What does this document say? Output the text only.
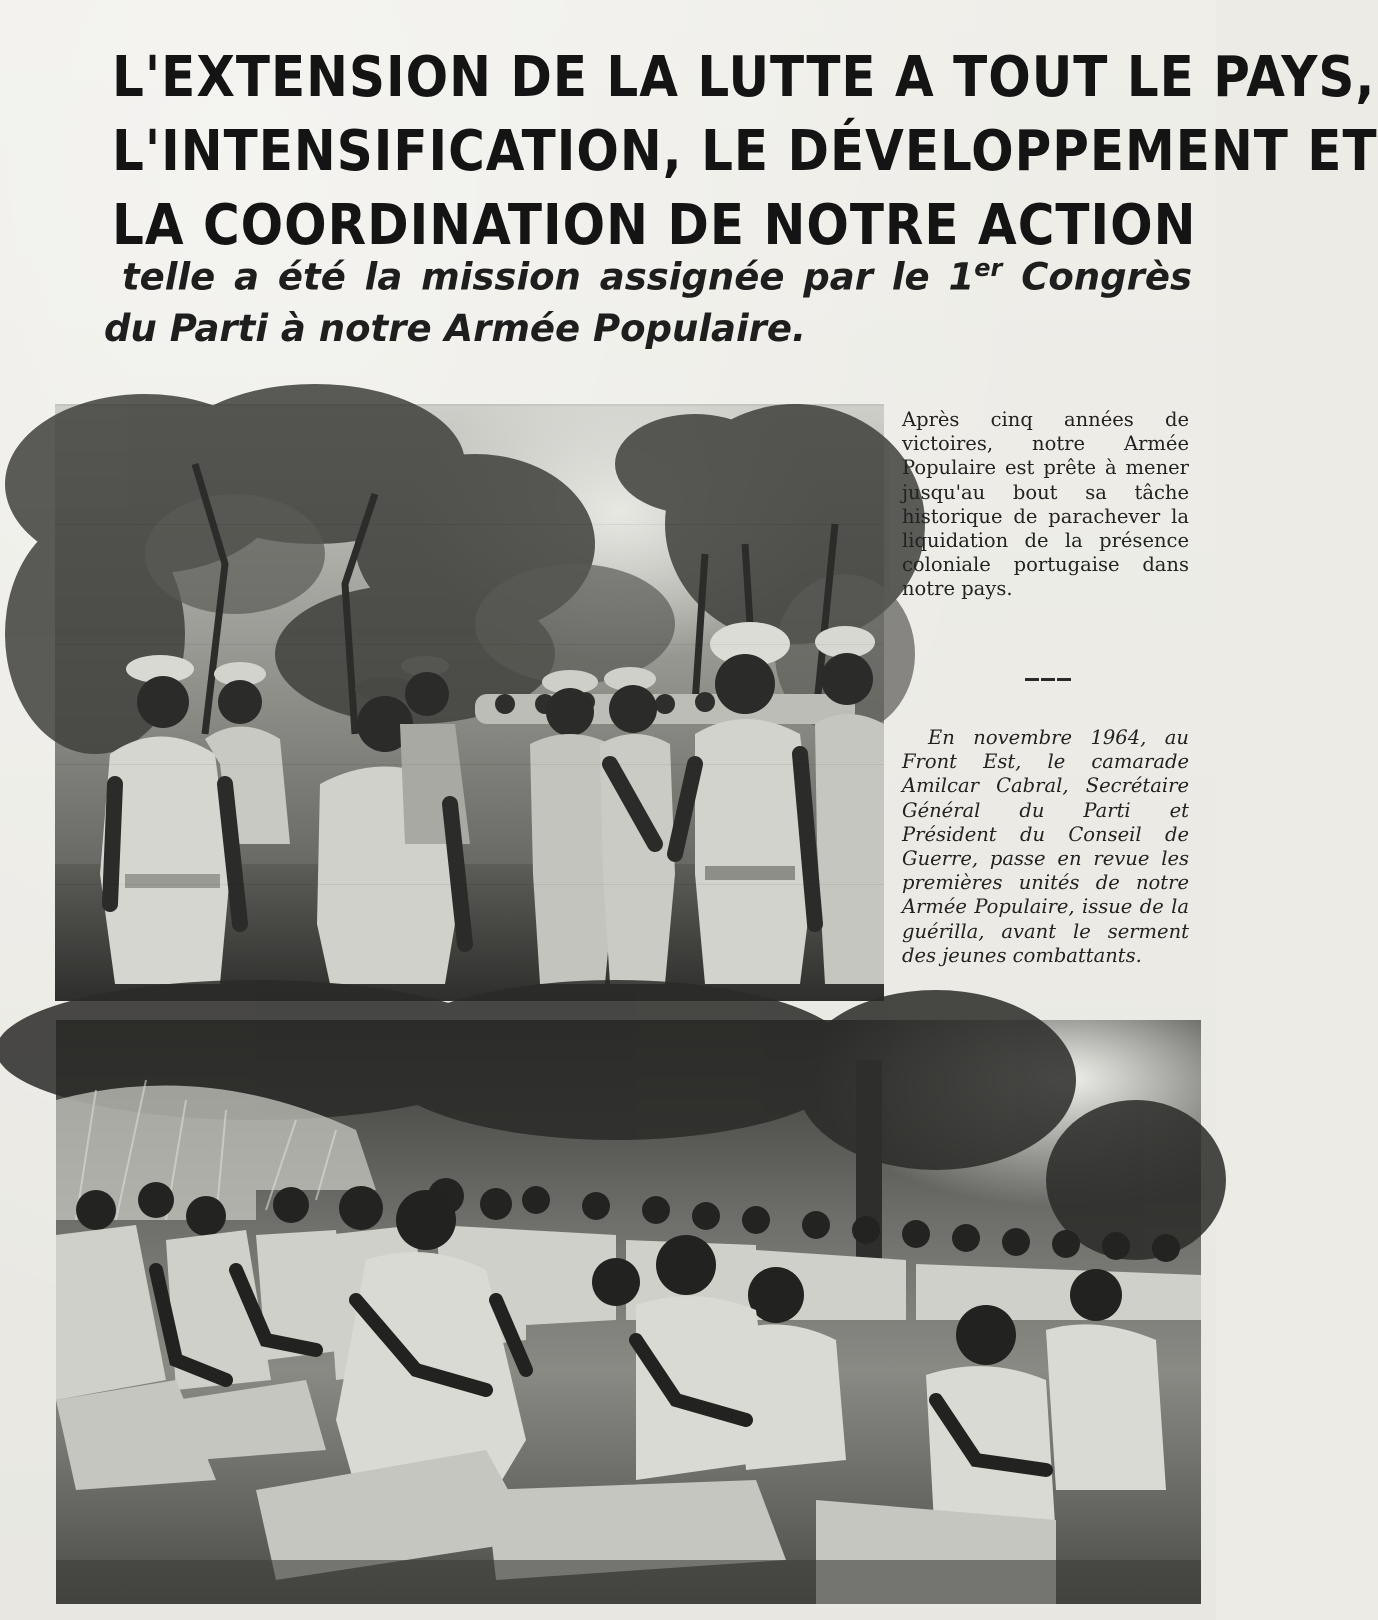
L'EXTENSION DE LA LUTTE A TOUT LE PAYS,
L'INTENSIFICATION, LE DÉVELOPPEMENT ET
LA COORDINATION DE NOTRE ACTION
telle a été la mission assignée par le 1er Congrès
du Parti à notre Armée Populaire.
Après cinq années de victoires, notre Armée Populaire est prête à mener jusqu'au bout sa tâche historique de parachever la liquidation de la présence coloniale portugaise dans notre pays.
En novembre 1964, au Front Est, le camarade Amilcar Cabral, Secrétaire Général du Parti et Président du Conseil de Guerre, passe en revue les premières unités de notre Armée Populaire, issue de la guérilla, avant le serment des jeunes combattants.
